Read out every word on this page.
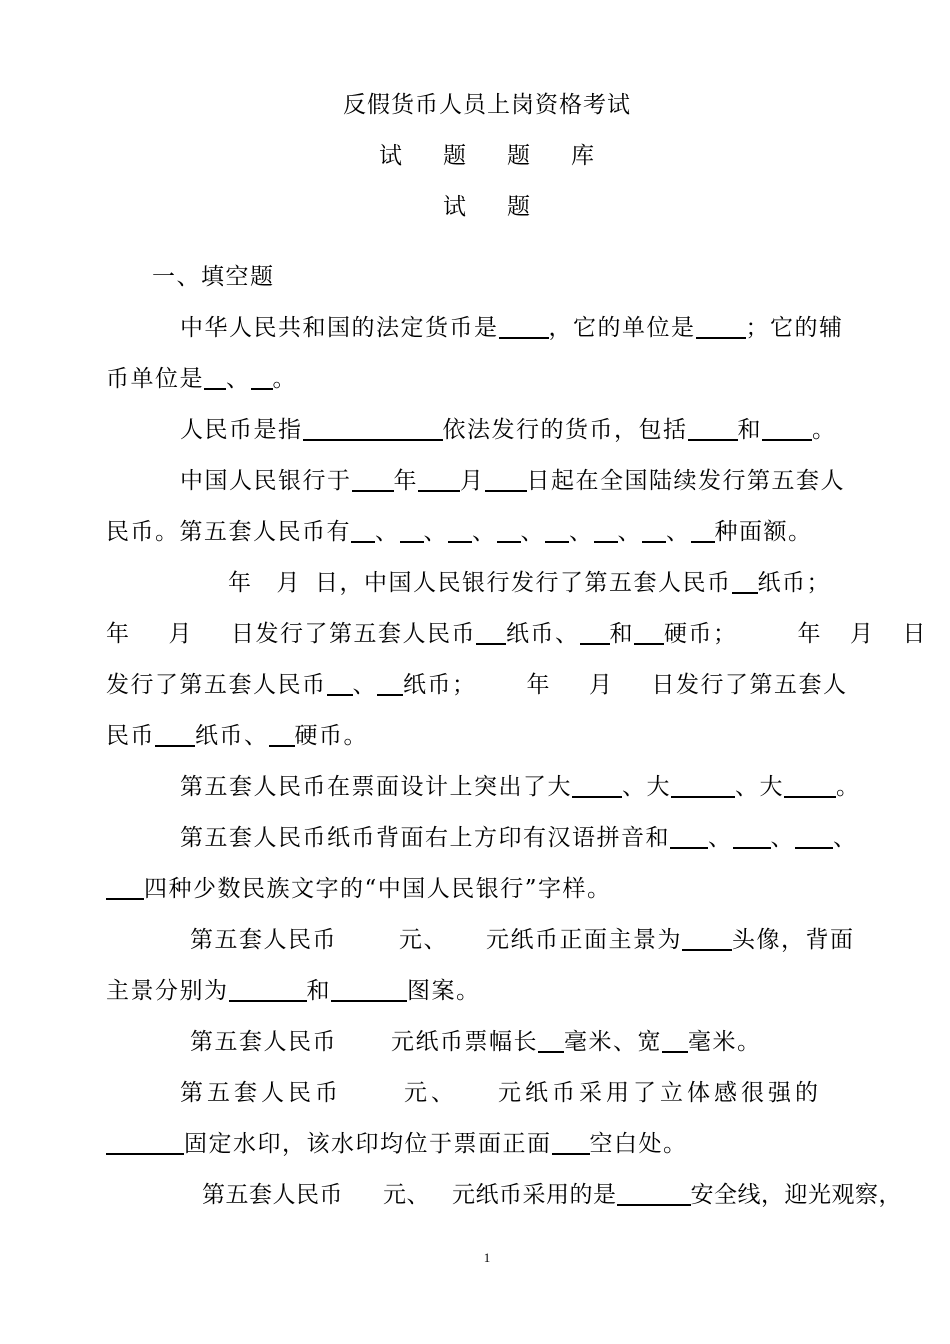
反假货币人员上岗资格考试
试 题 题 库
试 题
一、填空题
中华人民共和国的法定货币是 ，它的单位是 ；它的辅
币单位是 、 。
人民币是指	依法发行的货币，包括 和 。
中国人民银行于 年 月 日起在全国陆续发行第五套人
民币。第五套人民币有 、 、 、 、 、 、 、 种面额。
年 月 日，中国人民银行发行了第五套人民币 纸币；
年 月 日发行了第五套人民币 纸币、 和 硬币；	年 月 日
发行了第五套人民币 、 纸币； 年 月 日发行了第五套人
民币 纸币、 硬币。
第五套人民币在票面设计上突出了大 、大	、大 。
第五套人民币纸币背面右上方印有汉语拼音和 、 、 、
四种少数民族文字的“中国人民银行”字样。
第五套人民币	元、 元纸币正面主景为 头像，背面
主景分别为	和	图案。
第五套人民币 元纸币票幅长 毫米、宽 毫米。
第五套人民币	元、 元纸币采用了立体感很强的
固定水印，该水印均位于票面正面 空白处。
第五套人民币 元、 元纸币采用的是	安全线，迎光观察，
1
